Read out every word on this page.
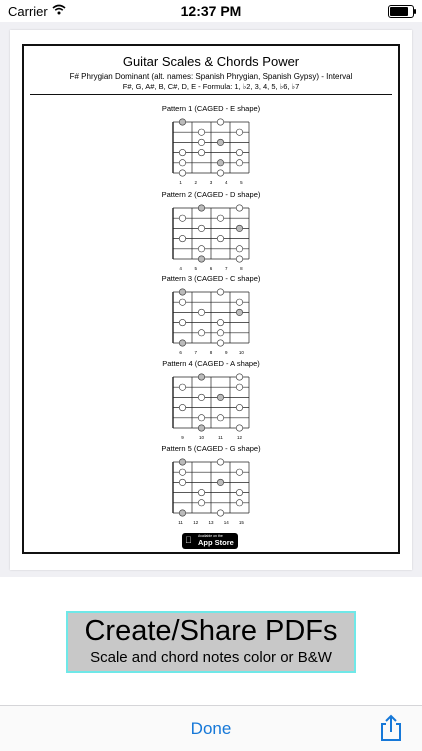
Carrier	12:37 PM
Guitar Scales & Chords Power
F# Phrygian Dominant (alt. names: Spanish Phrygian, Spanish Gypsy) - Interval
F#, G, A#, B, C#, D, E - Formula: 1, ♭2, 3, 4, 5, ♭6, ♭7
Pattern 1 (CAGED - E shape)
1	2	3	4	5
Pattern 2 (CAGED - D shape)
4	5	6	7	8
Pattern 3 (CAGED - C shape)
6	7	8	9	10
Pattern 4 (CAGED - A shape)
9	10	11	12
Pattern 5 (CAGED - G shape)
11 12 13 14 15
Available on the
App Store
Create/Share PDFs
Scale and chord notes color or B&W
Done
